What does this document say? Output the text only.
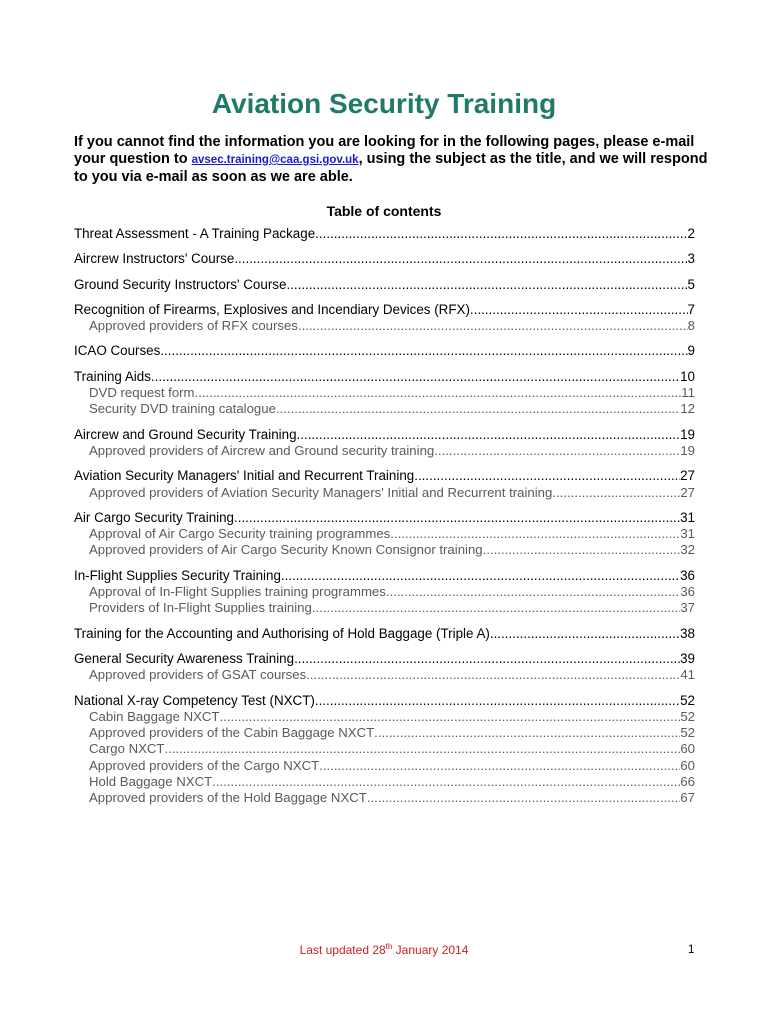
Aviation Security Training

If you cannot find the information you are looking for in the following pages, please e-mail your question to avsec.training@caa.gsi.gov.uk, using the subject as the title, and we will respond to you via e-mail as soon as we are able.

Table of contents
Threat Assessment - A Training Package .....	2
Aircrew Instructors' Course .....	3
Ground Security Instructors' Course .....	5
Recognition of Firearms, Explosives and Incendiary Devices (RFX) .....	7
Approved providers of RFX courses .....	8
ICAO Courses .....	9
Training Aids .....	10
DVD request form .....	11
Security DVD training catalogue .....	12
Aircrew and Ground Security Training .....	19
Approved providers of Aircrew and Ground security training .....	19
Aviation Security Managers' Initial and Recurrent Training .....	27
Approved providers of Aviation Security Managers' Initial and Recurrent training .....	27
Air Cargo Security Training .....	31
Approval of Air Cargo Security training programmes .....	31
Approved providers of Air Cargo Security Known Consignor training .....	32
In-Flight Supplies Security Training .....	36
Approval of In-Flight Supplies training programmes .....	36
Providers of In-Flight Supplies training .....	37
Training for the Accounting and Authorising of Hold Baggage (Triple A) .....	38
General Security Awareness Training .....	39
Approved providers of GSAT courses .....	41
National X-ray Competency Test (NXCT) .....	52
Cabin Baggage NXCT .....	52
Approved providers of the Cabin Baggage NXCT .....	52
Cargo NXCT .....	60
Approved providers of the Cargo NXCT .....	60
Hold Baggage NXCT .....	66
Approved providers of the Hold Baggage NXCT .....	67
Last updated 28th January 2014	1
